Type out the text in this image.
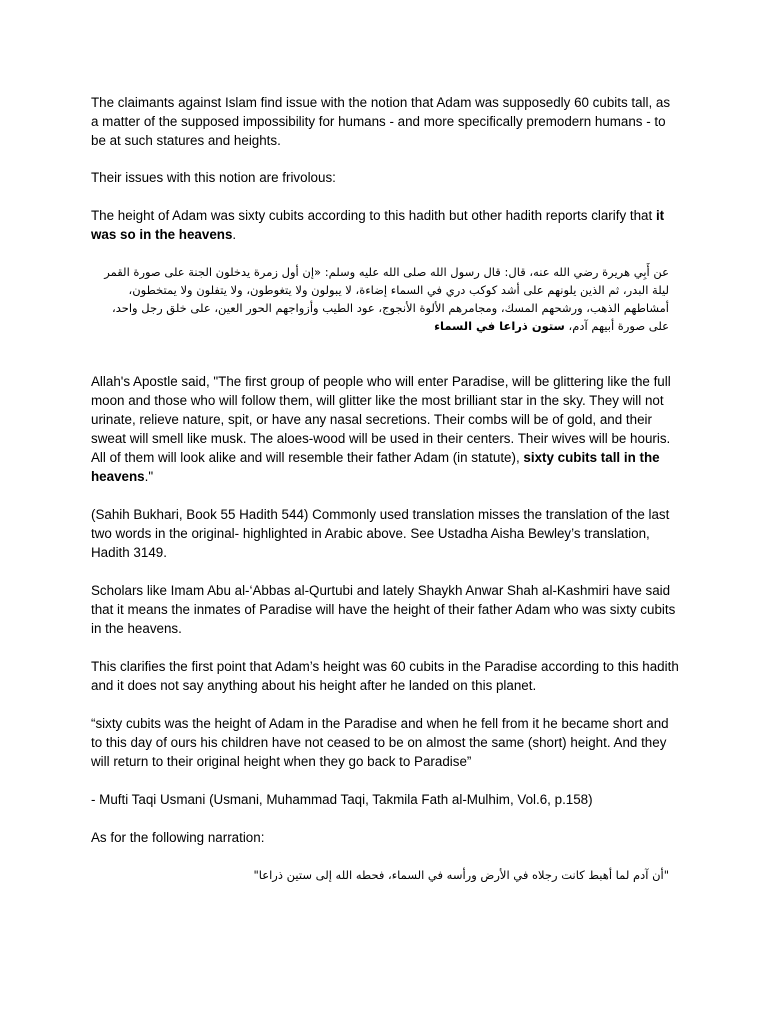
The claimants against Islam find issue with the notion that Adam was supposedly 60 cubits tall, as a matter of the supposed impossibility for humans - and more specifically premodern humans - to be at such statures and heights.

Their issues with this notion are frivolous:

The height of Adam was sixty cubits according to this hadith but other hadith reports clarify that it was so in the heavens.

عن أَبِي هريرة رضي الله عنه، قال: قال رسول الله صلى الله عليه وسلم: «إن أول زمرة يدخلون الجنة على صورة القمر ليلة البدر، ثم الذين يلونهم على أشد كوكب دري في السماء إضاءة، لا يبولون ولا يتغوطون، ولا يتفلون ولا يمتخطون، أمشاطهم الذهب، ورشحهم المسك، ومجامرهم الألوة الأنجوج، عود الطيب وأزواجهم الحور العين، على خلق رجل واحد، على صورة أبيهم آدم، ستون ذراعا في السماء

Allah's Apostle said, "The first group of people who will enter Paradise, will be glittering like the full moon and those who will follow them, will glitter like the most brilliant star in the sky. They will not urinate, relieve nature, spit, or have any nasal secretions. Their combs will be of gold, and their sweat will smell like musk. The aloes-wood will be used in their centers. Their wives will be houris. All of them will look alike and will resemble their father Adam (in statute), sixty cubits tall in the heavens."

(Sahih Bukhari, Book 55 Hadith 544) Commonly used translation misses the translation of the last two words in the original- highlighted in Arabic above. See Ustadha Aisha Bewley’s translation, Hadith 3149.

Scholars like Imam Abu al-‘Abbas al-Qurtubi and lately Shaykh Anwar Shah al-Kashmiri have said that it means the inmates of Paradise will have the height of their father Adam who was sixty cubits in the heavens.

This clarifies the first point that Adam’s height was 60 cubits in the Paradise according to this hadith and it does not say anything about his height after he landed on this planet.

“sixty cubits was the height of Adam in the Paradise and when he fell from it he became short and to this day of ours his children have not ceased to be on almost the same (short) height. And they will return to their original height when they go back to Paradise”

- Mufti Taqi Usmani (Usmani, Muhammad Taqi, Takmila Fath al-Mulhim, Vol.6, p.158)

As for the following narration:

"أن آدم لما أهبط كانت رجلاه في الأرض ورأسه في السماء، فحطه الله إلى ستين ذراعا"
